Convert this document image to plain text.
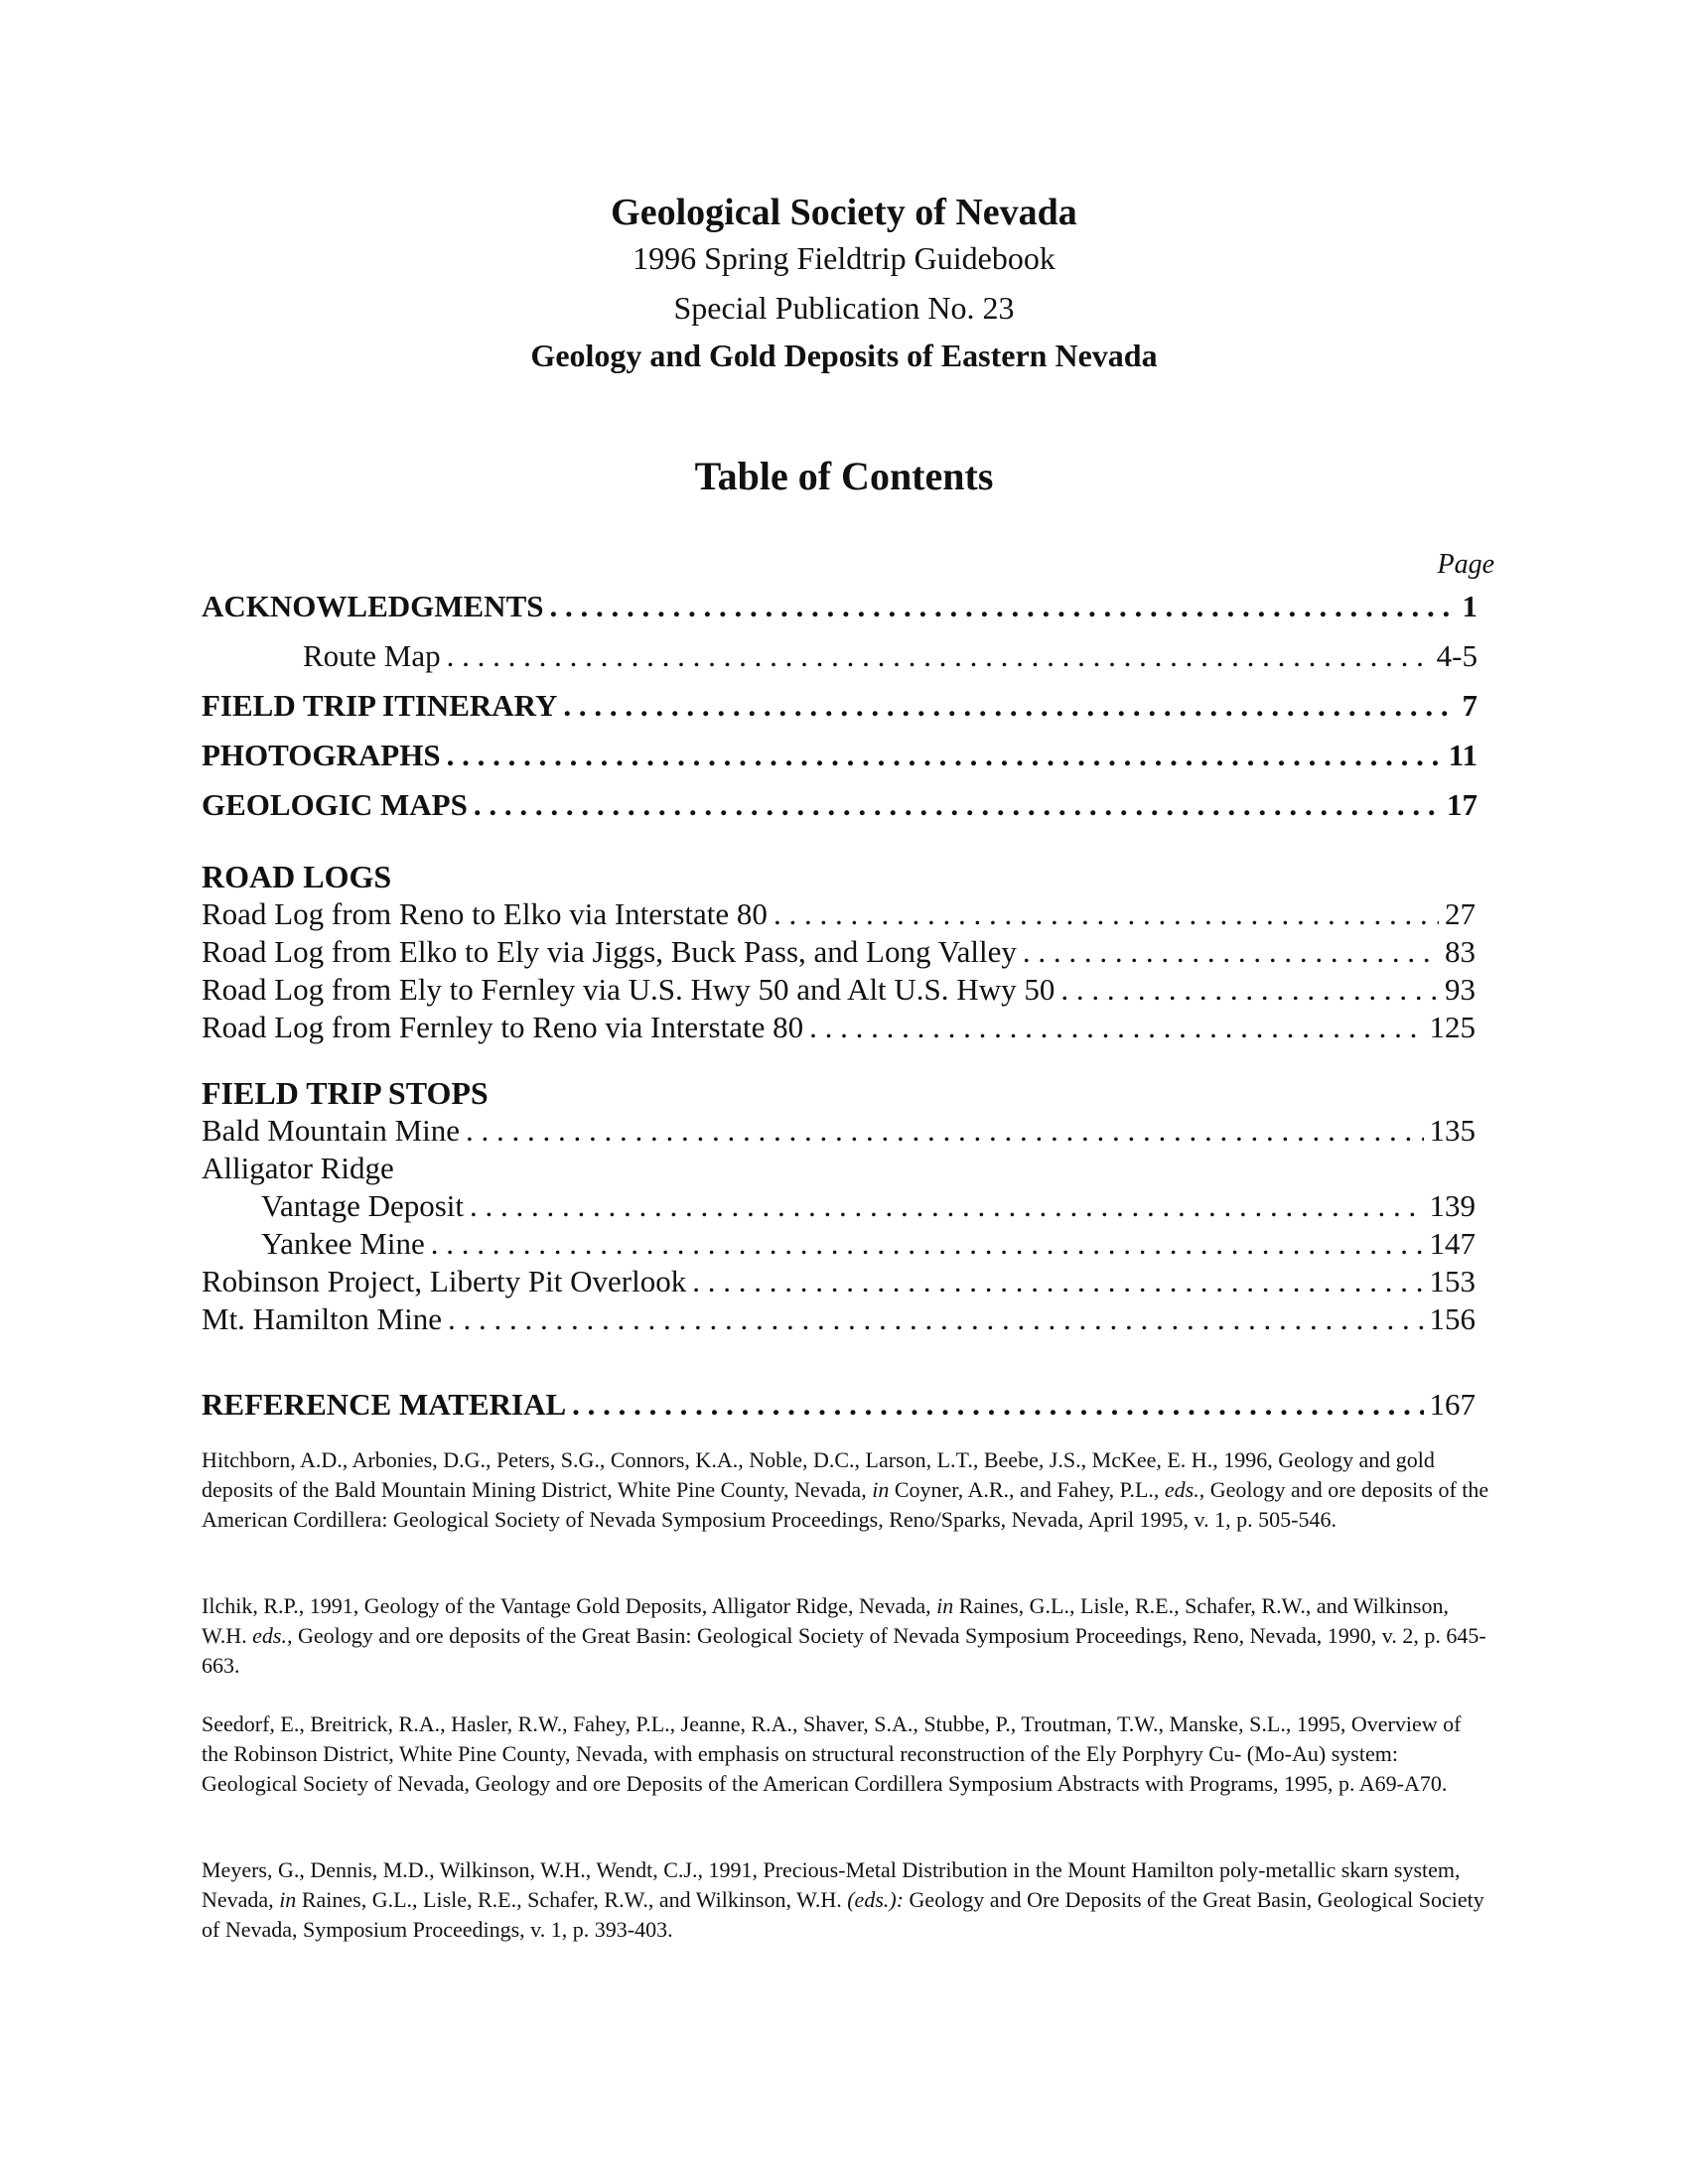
Geological Society of Nevada
1996 Spring Fieldtrip Guidebook
Special Publication No. 23
Geology and Gold Deposits of Eastern Nevada
Table of Contents
Page
ACKNOWLEDGMENTS . . .	1
Route Map . . .	4-5
FIELD TRIP ITINERARY . . .	7
PHOTOGRAPHS . . .	11
GEOLOGIC MAPS . . .	17
ROAD LOGS
Road Log from Reno to Elko via Interstate 80 . . .	27
Road Log from Elko to Ely via Jiggs, Buck Pass, and Long Valley . . .	83
Road Log from Ely to Fernley via U.S. Hwy 50 and Alt U.S. Hwy 50 . . .	93
Road Log from Fernley to Reno via Interstate 80 . . .	125
FIELD TRIP STOPS
Bald Mountain Mine . . .	135
Alligator Ridge
Vantage Deposit . . .	139
Yankee Mine . . .	147
Robinson Project, Liberty Pit Overlook . . .	153
Mt. Hamilton Mine . . .	156
REFERENCE MATERIAL . . .	167
Hitchborn, A.D., Arbonies, D.G., Peters, S.G., Connors, K.A., Noble, D.C., Larson, L.T., Beebe, J.S., McKee, E. H., 1996, Geology and gold deposits of the Bald Mountain Mining District, White Pine County, Nevada, in Coyner, A.R., and Fahey, P.L., eds., Geology and ore deposits of the American Cordillera: Geological Society of Nevada Symposium Proceedings, Reno/Sparks, Nevada, April 1995, v. 1, p. 505-546.
Ilchik, R.P., 1991, Geology of the Vantage Gold Deposits, Alligator Ridge, Nevada, in Raines, G.L., Lisle, R.E., Schafer, R.W., and Wilkinson, W.H. eds., Geology and ore deposits of the Great Basin: Geological Society of Nevada Symposium Proceedings, Reno, Nevada, 1990, v. 2, p. 645-663.
Seedorf, E., Breitrick, R.A., Hasler, R.W., Fahey, P.L., Jeanne, R.A., Shaver, S.A., Stubbe, P., Troutman, T.W., Manske, S.L., 1995, Overview of the Robinson District, White Pine County, Nevada, with emphasis on structural reconstruction of the Ely Porphyry Cu- (Mo-Au) system: Geological Society of Nevada, Geology and ore Deposits of the American Cordillera Symposium Abstracts with Programs, 1995, p. A69-A70.
Meyers, G., Dennis, M.D., Wilkinson, W.H., Wendt, C.J., 1991, Precious-Metal Distribution in the Mount Hamilton poly-metallic skarn system, Nevada, in Raines, G.L., Lisle, R.E., Schafer, R.W., and Wilkinson, W.H. (eds.): Geology and Ore Deposits of the Great Basin, Geological Society of Nevada, Symposium Proceedings, v. 1, p. 393-403.
